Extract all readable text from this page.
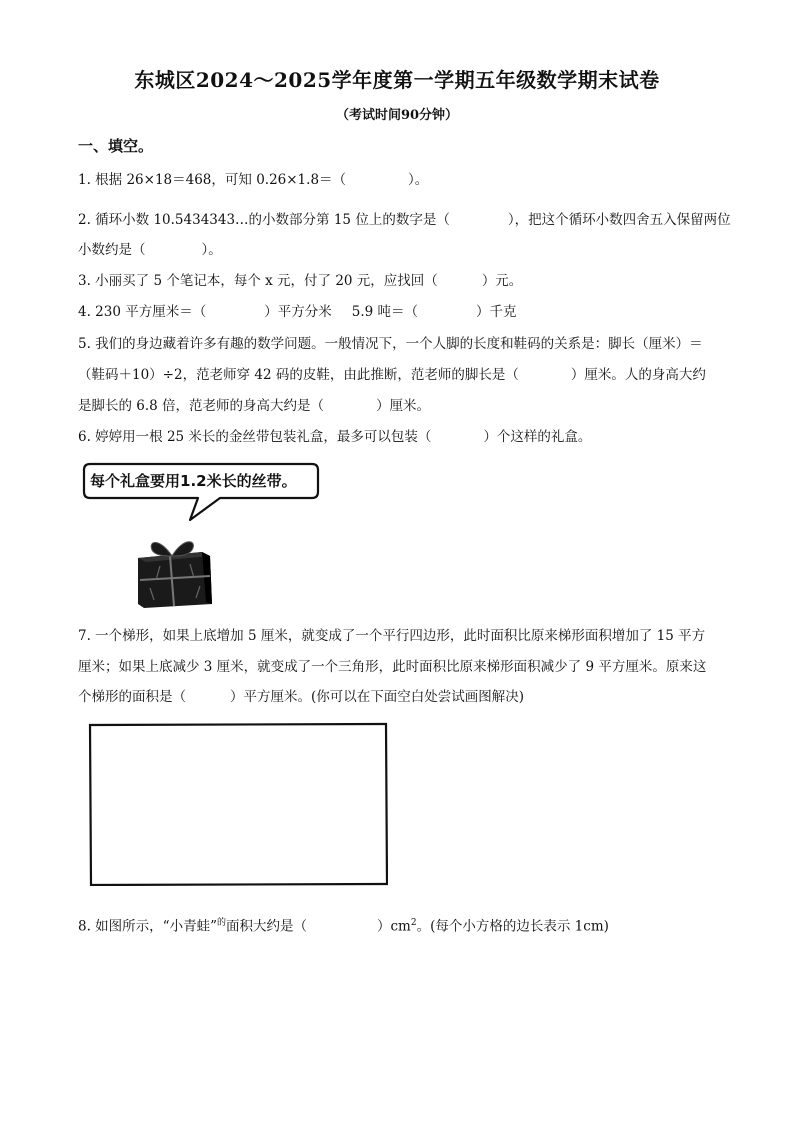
东城区2024～2025学年度第一学期五年级数学期末试卷
（考试时间90分钟）
一、填空。
1. 根据 26×18＝468，可知 0.26×1.8＝（	）。
2. 循环小数 10.5434343…的小数部分第 15 位上的数字是（	），把这个循环小数四舍五入保留两位
小数约是（	）。
3. 小丽买了 5 个笔记本，每个 x 元，付了 20 元，应找回（	）元。
4. 230 平方厘米＝（	）平方分米 5.9 吨＝（	）千克
5. 我们的身边藏着许多有趣的数学问题。一般情况下，一个人脚的长度和鞋码的关系是：脚长（厘米）＝
（鞋码＋10）÷2，范老师穿 42 码的皮鞋，由此推断，范老师的脚长是（	）厘米。人的身高大约
是脚长的 6.8 倍，范老师的身高大约是（	）厘米。
6. 婷婷用一根 25 米长的金丝带包装礼盒，最多可以包装（	）个这样的礼盒。
每个礼盒要用1.2米长的丝带。
7. 一个梯形，如果上底增加 5 厘米，就变成了一个平行四边形，此时面积比原来梯形面积增加了 15 平方
厘米；如果上底减少 3 厘米，就变成了一个三角形，此时面积比原来梯形面积减少了 9 平方厘米。原来这
个梯形的面积是（	）平方厘米。(你可以在下面空白处尝试画图解决)
8. 如图所示，“小青蛙”$^的$面积大约是（	）$cm^2$。(每个小方格的边长表示 1cm)
